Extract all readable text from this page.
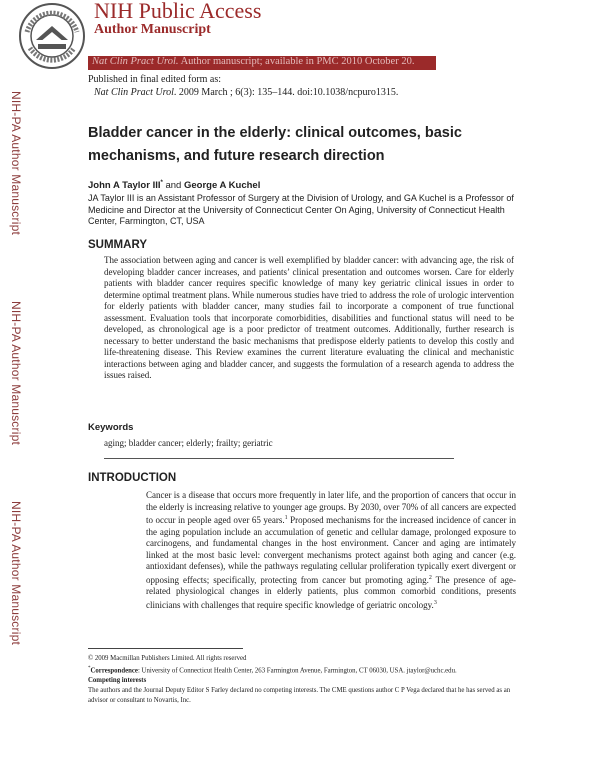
NIH Public Access
Author Manuscript
Nat Clin Pract Urol. Author manuscript; available in PMC 2010 October 20.
Published in final edited form as:
Nat Clin Pract Urol. 2009 March ; 6(3): 135–144. doi:10.1038/ncpuro1315.
NIH-PA Author Manuscript
NIH-PA Author Manuscript
NIH-PA Author Manuscript
Bladder cancer in the elderly: clinical outcomes, basic mechanisms, and future research direction
John A Taylor III* and George A Kuchel
JA Taylor III is an Assistant Professor of Surgery at the Division of Urology, and GA Kuchel is a Professor of Medicine and Director at the University of Connecticut Center On Aging, University of Connecticut Health Center, Farmington, CT, USA
SUMMARY
The association between aging and cancer is well exemplified by bladder cancer: with advancing age, the risk of developing bladder cancer increases, and patients’ clinical presentation and outcomes worsen. Care for elderly patients with bladder cancer requires specific knowledge of many key geriatric clinical issues in order to determine optimal treatment plans. While numerous studies have tried to address the role of urologic intervention for elderly patients with bladder cancer, many studies fail to incorporate a component of true functional assessment. Evaluation tools that incorporate comorbidities, disabilities and functional status will need to be developed, as chronological age is a poor predictor of treatment outcomes. Additionally, further research is necessary to better understand the basic mechanisms that predispose elderly patients to develop this costly and life-threatening disease. This Review examines the current literature evaluating the clinical and mechanistic interactions between aging and bladder cancer, and suggests the formulation of a research agenda to address the issues raised.
Keywords
aging; bladder cancer; elderly; frailty; geriatric
INTRODUCTION
Cancer is a disease that occurs more frequently in later life, and the proportion of cancers that occur in the elderly is increasing relative to younger age groups. By 2030, over 70% of all cancers are expected to occur in people aged over 65 years.$^1$ Proposed mechanisms for the increased incidence of cancer in the aging population include an accumulation of genetic and cellular damage, prolonged exposure to carcinogens, and fundamental changes in the host environment. Cancer and aging are intimately linked at the most basic level: convergent mechanisms protect against both aging and cancer (e.g. antioxidant defenses), while the pathways regulating cellular proliferation typically exert divergent or opposing effects; specifically, protecting from cancer but promoting aging.$^2$ The presence of age-related physiological changes in elderly patients, plus common comorbid conditions, presents clinicians with challenges that require specific knowledge of geriatric oncology.$^3$

© 2009 Macmillan Publishers Limited. All rights reserved

*Correspondence: University of Connecticut Health Center, 263 Farmington Avenue, Farmington, CT 06030, USA. jtaylor@uchc.edu.

Competing interests

The authors and the Journal Deputy Editor S Farley declared no competing interests. The CME questions author C P Vega declared that he has served as an advisor or consultant to Novartis, Inc.
